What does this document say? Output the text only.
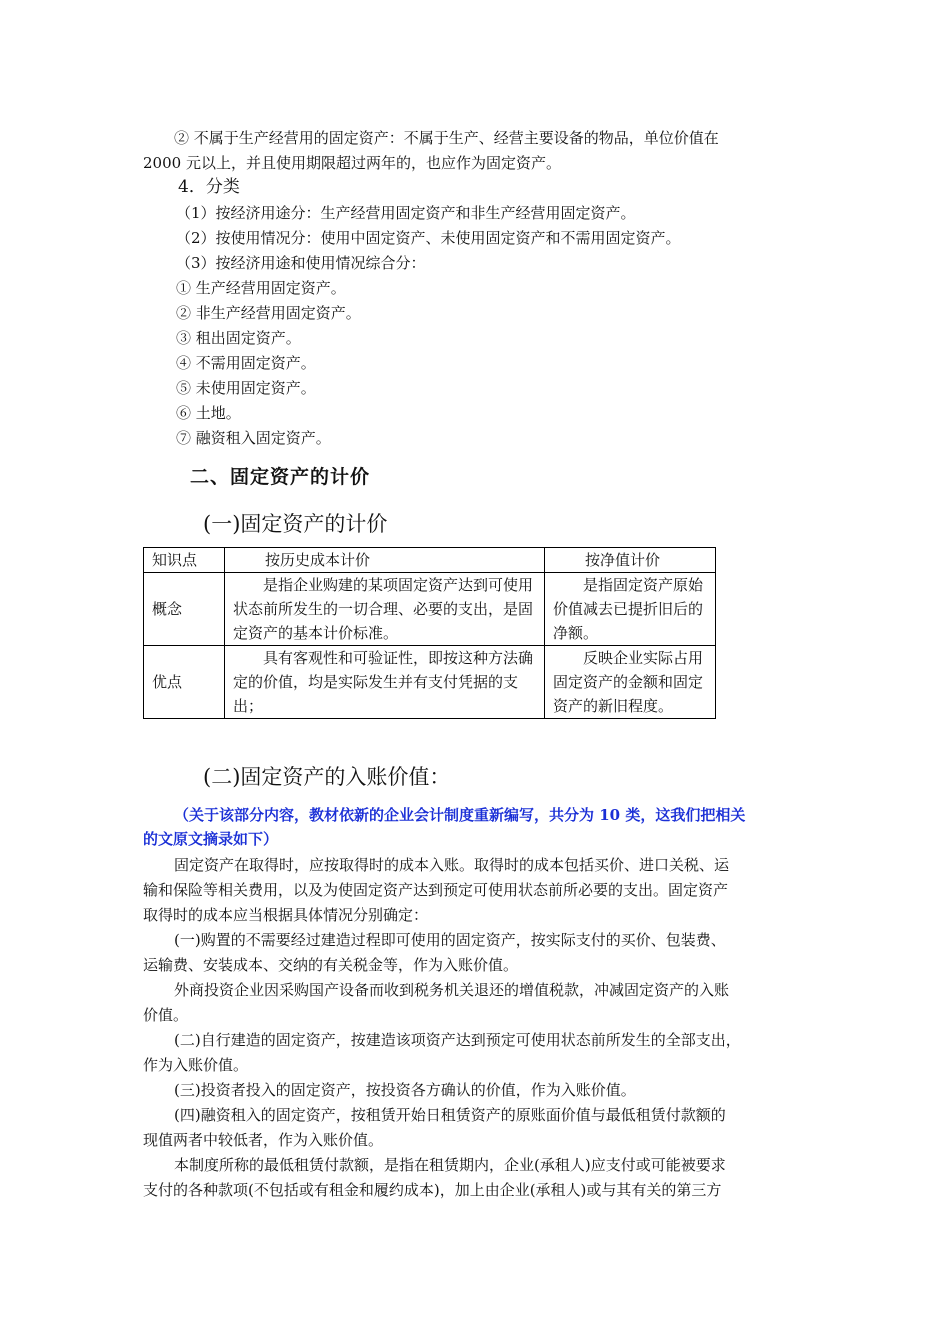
② 不属于生产经营用的固定资产：不属于生产、经营主要设备的物品，单位价值在
2000 元以上，并且使用期限超过两年的，也应作为固定资产。
4．分类
（1）按经济用途分：生产经营用固定资产和非生产经营用固定资产。
（2）按使用情况分：使用中固定资产、未使用固定资产和不需用固定资产。
（3）按经济用途和使用情况综合分：
① 生产经营用固定资产。
② 非生产经营用固定资产。
③ 租出固定资产。
④ 不需用固定资产。
⑤ 未使用固定资产。
⑥ 土地。
⑦ 融资租入固定资产。
二、固定资产的计价
(一)固定资产的计价
知识点	按历史成本计价	按净值计价
概念	是指企业购建的某项固定资产达到可使用状态前所发生的一切合理、必要的支出，是固定资产的基本计价标准。	是指固定资产原始价值减去已提折旧后的净额。
优点	具有客观性和可验证性，即按这种方法确定的价值，均是实际发生并有支付凭据的支出；	反映企业实际占用固定资产的金额和固定资产的新旧程度。
(二)固定资产的入账价值：
（关于该部分内容，教材依新的企业会计制度重新编写，共分为 10 类，这我们把相关
的文原文摘录如下）
固定资产在取得时，应按取得时的成本入账。取得时的成本包括买价、进口关税、运
输和保险等相关费用，以及为使固定资产达到预定可使用状态前所必要的支出。固定资产
取得时的成本应当根据具体情况分别确定：
(一)购置的不需要经过建造过程即可使用的固定资产，按实际支付的买价、包装费、
运输费、安装成本、交纳的有关税金等，作为入账价值。
外商投资企业因采购国产设备而收到税务机关退还的增值税款，冲减固定资产的入账
价值。
(二)自行建造的固定资产，按建造该项资产达到预定可使用状态前所发生的全部支出，
作为入账价值。
(三)投资者投入的固定资产，按投资各方确认的价值，作为入账价值。
(四)融资租入的固定资产，按租赁开始日租赁资产的原账面价值与最低租赁付款额的
现值两者中较低者，作为入账价值。
本制度所称的最低租赁付款额，是指在租赁期内，企业(承租人)应支付或可能被要求
支付的各种款项(不包括或有租金和履约成本)，加上由企业(承租人)或与其有关的第三方
